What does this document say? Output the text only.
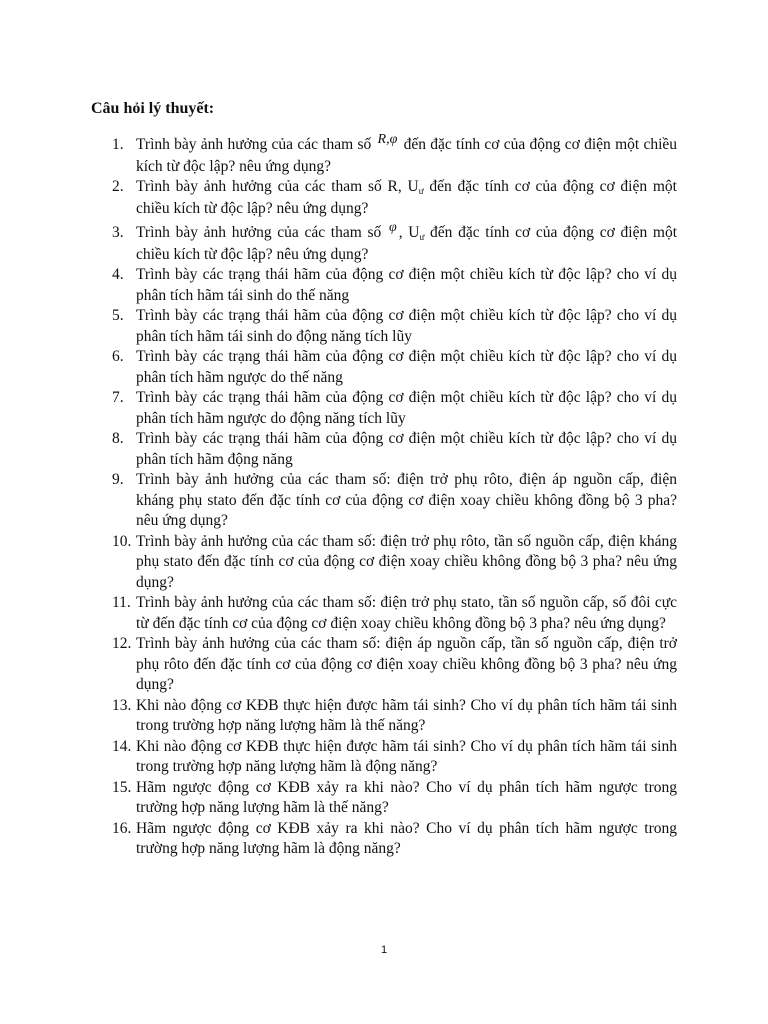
Câu hỏi lý thuyết:
1. Trình bày ảnh hưởng của các tham số R,φ đến đặc tính cơ của động cơ điện một chiều kích từ độc lập? nêu ứng dụng?
2. Trình bày ảnh hưởng của các tham số R, Uư đến đặc tính cơ của động cơ điện một chiều kích từ độc lập? nêu ứng dụng?
3. Trình bày ảnh hưởng của các tham số φ , Uư đến đặc tính cơ của động cơ điện một chiều kích từ độc lập? nêu ứng dụng?
4. Trình bày các trạng thái hãm của động cơ điện một chiều kích từ độc lập? cho ví dụ phân tích hãm tái sinh do thế năng
5. Trình bày các trạng thái hãm của động cơ điện một chiều kích từ độc lập? cho ví dụ phân tích hãm tái sinh do động năng tích lũy
6. Trình bày các trạng thái hãm của động cơ điện một chiều kích từ độc lập? cho ví dụ phân tích hãm ngược do thế năng
7. Trình bày các trạng thái hãm của động cơ điện một chiều kích từ độc lập? cho ví dụ phân tích hãm ngược do động năng tích lũy
8. Trình bày các trạng thái hãm của động cơ điện một chiều kích từ độc lập? cho ví dụ phân tích hãm động năng
9. Trình bày ảnh hưởng của các tham số: điện trở phụ rôto, điện áp nguồn cấp, điện kháng phụ stato đến đặc tính cơ của động cơ điện xoay chiều không đồng bộ 3 pha? nêu ứng dụng?
10. Trình bày ảnh hưởng của các tham số: điện trở phụ rôto, tần số nguồn cấp, điện kháng phụ stato đến đặc tính cơ của động cơ điện xoay chiều không đồng bộ 3 pha? nêu ứng dụng?
11. Trình bày ảnh hưởng của các tham số: điện trở phụ stato, tần số nguồn cấp, số đôi cực từ đến đặc tính cơ của động cơ điện xoay chiều không đồng bộ 3 pha? nêu ứng dụng?
12. Trình bày ảnh hưởng của các tham số: điện áp nguồn cấp, tần số nguồn cấp, điện trở phụ rôto đến đặc tính cơ của động cơ điện xoay chiều không đồng bộ 3 pha? nêu ứng dụng?
13. Khi nào động cơ KĐB thực hiện được hãm tái sinh? Cho ví dụ phân tích hãm tái sinh trong trường hợp năng lượng hãm là thế năng?
14. Khi nào động cơ KĐB thực hiện được hãm tái sinh? Cho ví dụ phân tích hãm tái sinh trong trường hợp năng lượng hãm là động năng?
15. Hãm ngược động cơ KĐB xảy ra khi nào? Cho ví dụ phân tích hãm ngược trong trường hợp năng lượng hãm là thế năng?
16. Hãm ngược động cơ KĐB xảy ra khi nào? Cho ví dụ phân tích hãm ngược trong trường hợp năng lượng hãm là động năng?
1
